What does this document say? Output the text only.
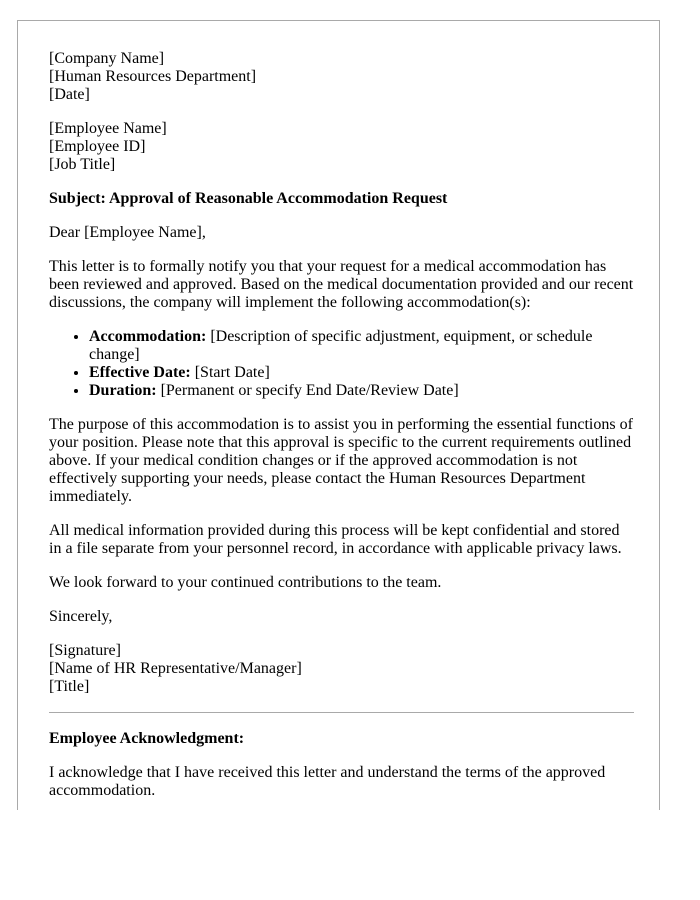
[Company Name]
[Human Resources Department]
[Date]
[Employee Name]
[Employee ID]
[Job Title]

Subject: Approval of Reasonable Accommodation Request

Dear [Employee Name],

This letter is to formally notify you that your request for a medical accommodation has been reviewed and approved. Based on the medical documentation provided and our recent discussions, the company will implement the following accommodation(s):

• Accommodation: [Description of specific adjustment, equipment, or schedule change]
• Effective Date: [Start Date]
• Duration: [Permanent or specify End Date/Review Date]

The purpose of this accommodation is to assist you in performing the essential functions of your position. Please note that this approval is specific to the current requirements outlined above. If your medical condition changes or if the approved accommodation is not effectively supporting your needs, please contact the Human Resources Department immediately.

All medical information provided during this process will be kept confidential and stored in a file separate from your personnel record, in accordance with applicable privacy laws.

We look forward to your continued contributions to the team.

Sincerely,

[Signature]
[Name of HR Representative/Manager]
[Title]

Employee Acknowledgment:

I acknowledge that I have received this letter and understand the terms of the approved accommodation.
